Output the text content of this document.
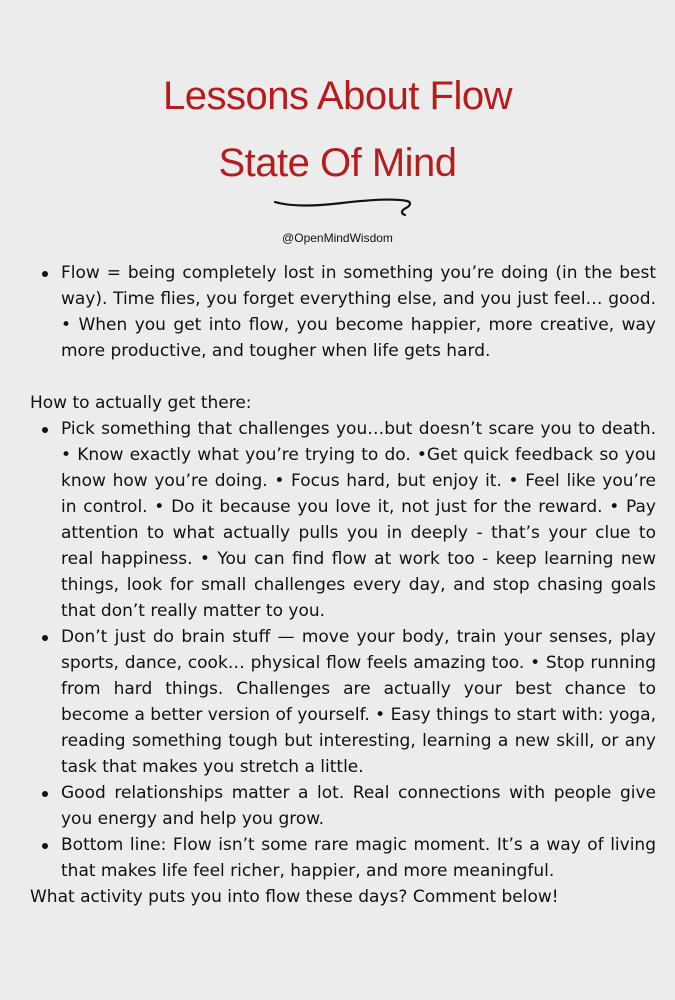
Lessons About Flow
State Of Mind
@OpenMindWisdom
Flow = being completely lost in something you’re doing (in the best way). Time flies, you forget everything else, and you just feel… good. • When you get into flow, you become happier, more creative, way more productive, and tougher when life gets hard.

How to actually get there:

Pick something that challenges you…but doesn’t scare you to death. • Know exactly what you’re trying to do. •Get quick feedback so you know how you’re doing. • Focus hard, but enjoy it. • Feel like you’re in control. • Do it because you love it, not just for the reward. • Pay attention to what actually pulls you in deeply - that’s your clue to real happiness. • You can find flow at work too - keep learning new things, look for small challenges every day, and stop chasing goals that don’t really matter to you.
Don’t just do brain stuff — move your body, train your senses, play sports, dance, cook… physical flow feels amazing too. • Stop running from hard things. Challenges are actually your best chance to become a better version of yourself. • Easy things to start with: yoga, reading something tough but interesting, learning a new skill, or any task that makes you stretch a little.
Good relationships matter a lot. Real connections with people give you energy and help you grow.
Bottom line: Flow isn’t some rare magic moment. It’s a way of living that makes life feel richer, happier, and more meaningful.

What activity puts you into flow these days? Comment below!
